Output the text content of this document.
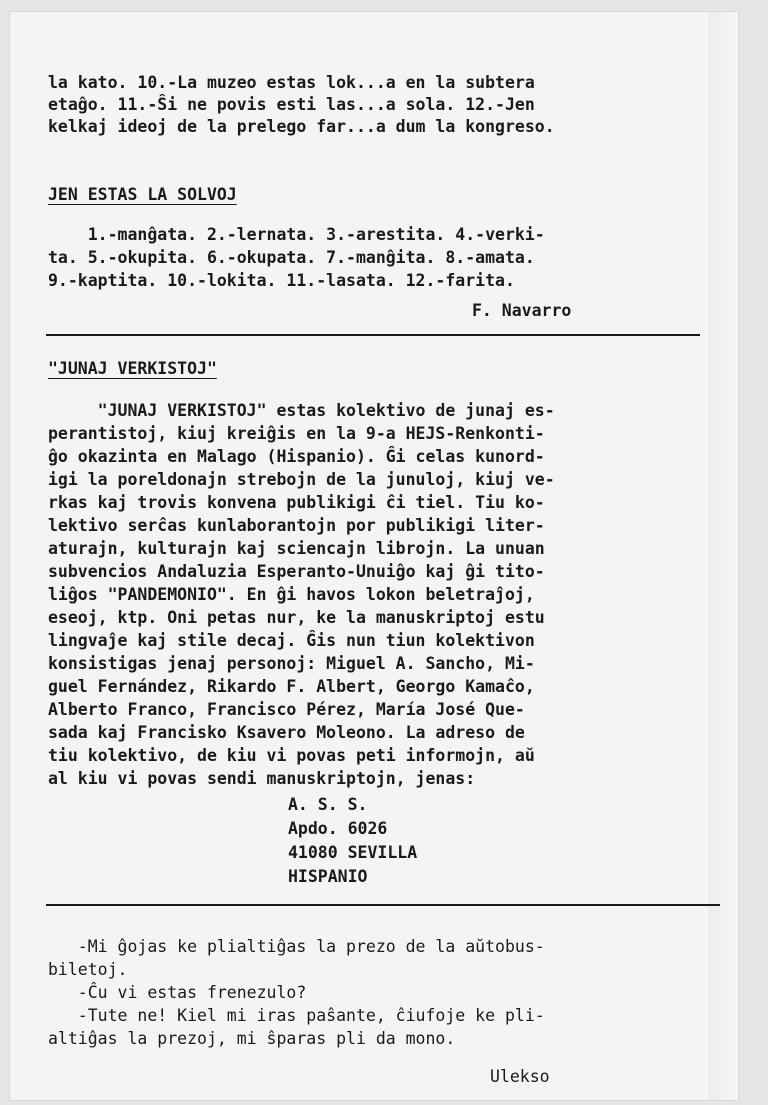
la kato. 10.-La muzeo estas lok...a en la subtera
etaĝo. 11.-Ŝi ne povis esti las...a sola. 12.-Jen
kelkaj ideoj de la prelego far...a dum la kongreso.
JEN ESTAS LA SOLVOJ
1.-manĝata. 2.-lernata. 3.-arestita. 4.-verki-
ta. 5.-okupita. 6.-okupata. 7.-manĝita. 8.-amata.
9.-kaptita. 10.-lokita. 11.-lasata. 12.-farita.
F. Navarro
"JUNAJ VERKISTOJ"
"JUNAJ VERKISTOJ" estas kolektivo de junaj es-
perantistoj, kiuj kreiĝis en la 9-a HEJS-Renkonti-
ĝo okazinta en Malago (Hispanio). Ĝi celas kunord-
igi la poreldonajn strebojn de la junuloj, kiuj ve-
rkas kaj trovis konvena publikigi ĉi tiel. Tiu ko-
lektivo serĉas kunlaborantojn por publikigi liter-
aturajn, kulturajn kaj sciencajn librojn. La unuan
subvencios Andaluzia Esperanto-Unuiĝo kaj ĝi tito-
liĝos "PANDEMONIO". En ĝi havos lokon beletraĵoj,
eseoj, ktp. Oni petas nur, ke la manuskriptoj estu
lingvaĵe kaj stile decaj. Ĝis nun tiun kolektivon
konsistigas jenaj personoj: Miguel A. Sancho, Mi-
guel Fernández, Rikardo F. Albert, Georgo Kamaĉo,
Alberto Franco, Francisco Pérez, María José Que-
sada kaj Francisko Ksavero Moleono. La adreso de
tiu kolektivo, de kiu vi povas peti informojn, aŭ
al kiu vi povas sendi manuskriptojn, jenas:
A. S. S.
Apdo. 6026
41080 SEVILLA
HISPANIO
-Mi ĝojas ke plialtiĝas la prezo de la aŭtobus-
biletoj.
-Ĉu vi estas frenezulo?
-Tute ne! Kiel mi iras paŝante, ĉiufoje ke pli-
altiĝas la prezoj, mi ŝparas pli da mono.
Ulekso
